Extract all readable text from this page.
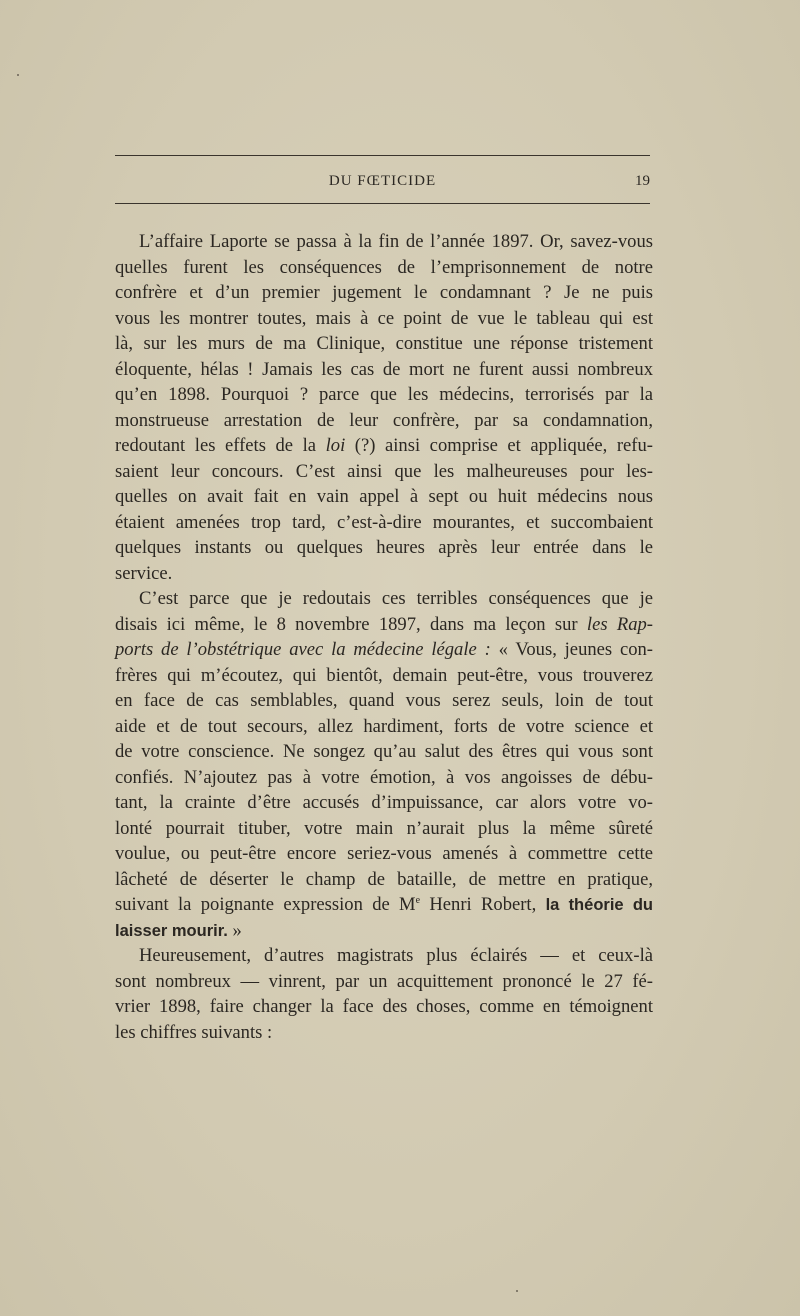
DU FŒTICIDE	19
L’affaire Laporte se passa à la fin de l’année 1897. Or, savez-vous
quelles furent les conséquences de l’emprisonnement de notre
confrère et d’un premier jugement le condamnant ? Je ne puis
vous les montrer toutes, mais à ce point de vue le tableau qui est
là, sur les murs de ma Clinique, constitue une réponse tristement
éloquente, hélas ! Jamais les cas de mort ne furent aussi nombreux
qu’en 1898. Pourquoi ? parce que les médecins, terrorisés par la
monstrueuse arrestation de leur confrère, par sa condamnation,
redoutant les effets de la loi (?) ainsi comprise et appliquée, refu-
saient leur concours. C’est ainsi que les malheureuses pour les-
quelles on avait fait en vain appel à sept ou huit médecins nous
étaient amenées trop tard, c’est-à-dire mourantes, et succombaient
quelques instants ou quelques heures après leur entrée dans le
service.
C’est parce que je redoutais ces terribles conséquences que je
disais ici même, le 8 novembre 1897, dans ma leçon sur les Rap-
ports de l’obstétrique avec la médecine légale : « Vous, jeunes con-
frères qui m’écoutez, qui bientôt, demain peut-être, vous trouverez
en face de cas semblables, quand vous serez seuls, loin de tout
aide et de tout secours, allez hardiment, forts de votre science et
de votre conscience. Ne songez qu’au salut des êtres qui vous sont
confiés. N’ajoutez pas à votre émotion, à vos angoisses de débu-
tant, la crainte d’être accusés d’impuissance, car alors votre vo-
lonté pourrait tituber, votre main n’aurait plus la même sûreté
voulue, ou peut-être encore seriez-vous amenés à commettre cette
lâcheté de déserter le champ de bataille, de mettre en pratique,
suivant la poignante expression de Me Henri Robert, la théorie du
laisser mourir. »
Heureusement, d’autres magistrats plus éclairés — et ceux-là
sont nombreux — vinrent, par un acquittement prononcé le 27 fé-
vrier 1898, faire changer la face des choses, comme en témoignent
les chiffres suivants :
